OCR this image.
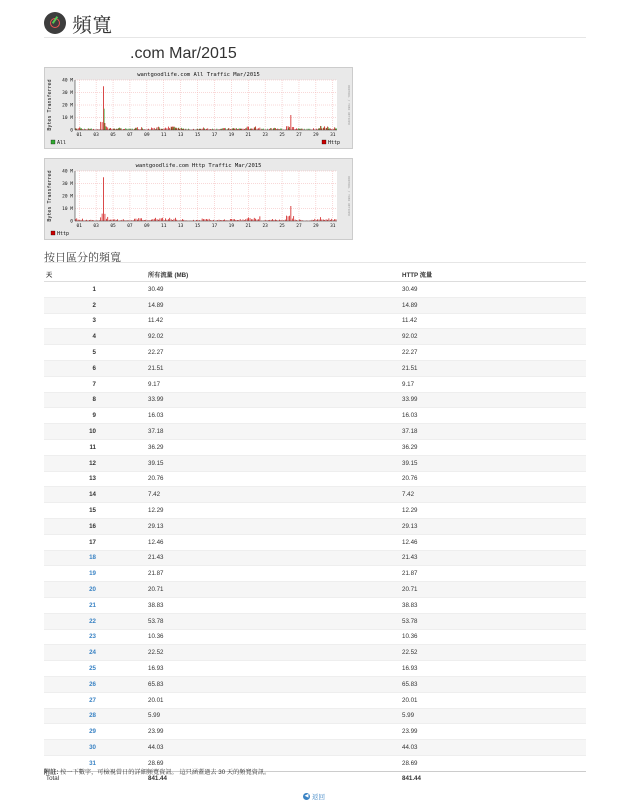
頻寬
.com Mar/2015
wantgoodlife.com All Traffic Mar/2015
Bytes Transferred	RRDTOOL / TOBI OETIKER
0
10 M
20 M
30 M
40 M
01	03	05	07	09	11	13	15	17	19	21	23	25	27	29	31
All	Http
wantgoodlife.com Http Traffic Mar/2015
Bytes Transferred	RRDTOOL / TOBI OETIKER
0
10 M
20 M
30 M
40 M
01	03	05	07	09	11	13	15	17	19	21	23	25	27	29	31
Http
按日區分的頻寬
天	所有流量 (MB)	HTTP 流量
1	30.49	30.49
2	14.89	14.89
3	11.42	11.42
4	92.02	92.02
5	22.27	22.27
6	21.51	21.51
7	9.17	9.17
8	33.99	33.99
9	16.03	16.03
10	37.18	37.18
11	36.29	36.29
12	39.15	39.15
13	20.76	20.76
14	7.42	7.42
15	12.29	12.29
16	29.13	29.13
17	12.46	12.46
18	21.43	21.43
19	21.87	21.87
20	20.71	20.71
21	38.83	38.83
22	53.78	53.78
23	10.36	10.36
24	22.52	22.52
25	16.93	16.93
26	65.83	65.83
27	20.01	20.01
28	5.99	5.99
29	23.99	23.99
30	44.03	44.03
31	28.69	28.69
Total	841.44	841.44
附註: 按一下數字，可檢視當日的詳細頻寬資訊。 這只涵蓋過去 30 天的頻寬資訊。
◀ 返回
